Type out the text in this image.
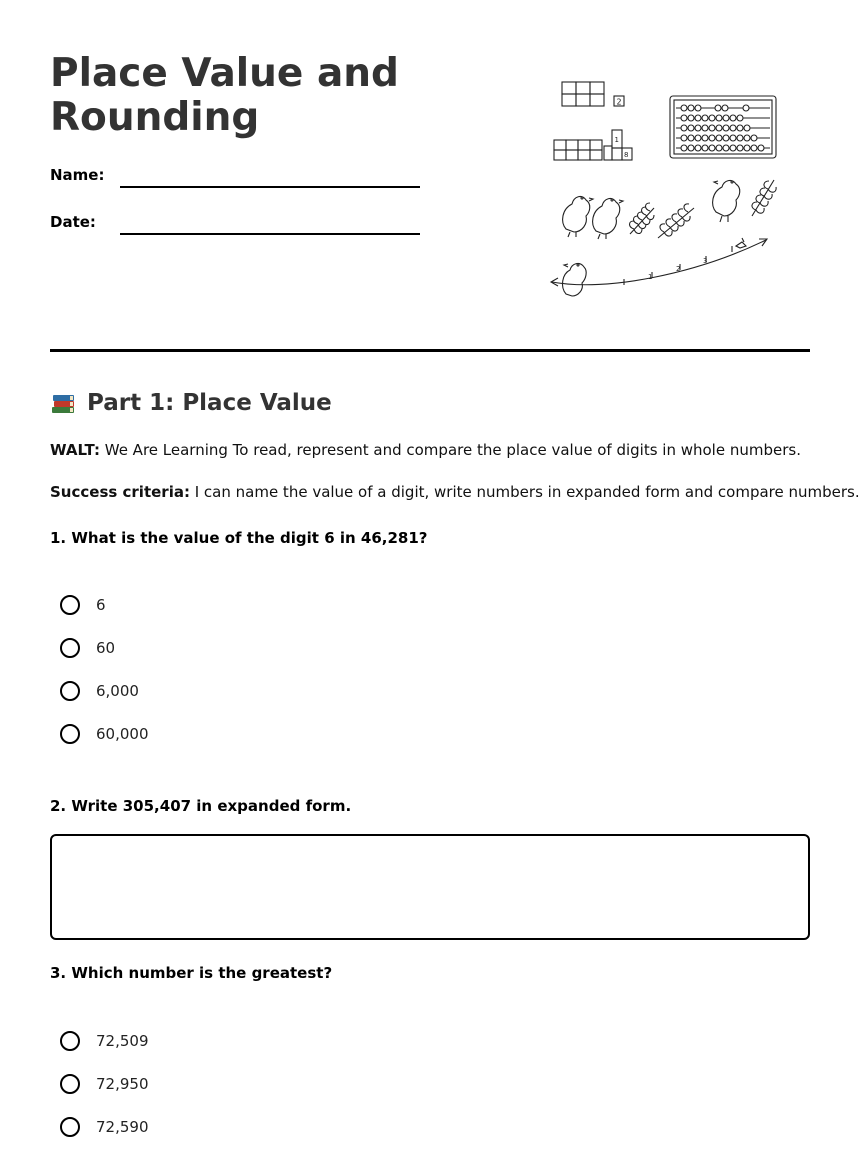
Place Value and
Rounding
Name:
Date:
2
1
8
1
2
3
Part 1: Place Value

WALT: We Are Learning To read, represent and compare the place value of digits in whole numbers.

Success criteria: I can name the value of a digit, write numbers in expanded form and compare numbers.

1. What is the value of the digit 6 in 46,281?

6
60
6,000
60,000

2. Write 305,407 in expanded form.

3. Which number is the greatest?

72,509
72,950
72,590
